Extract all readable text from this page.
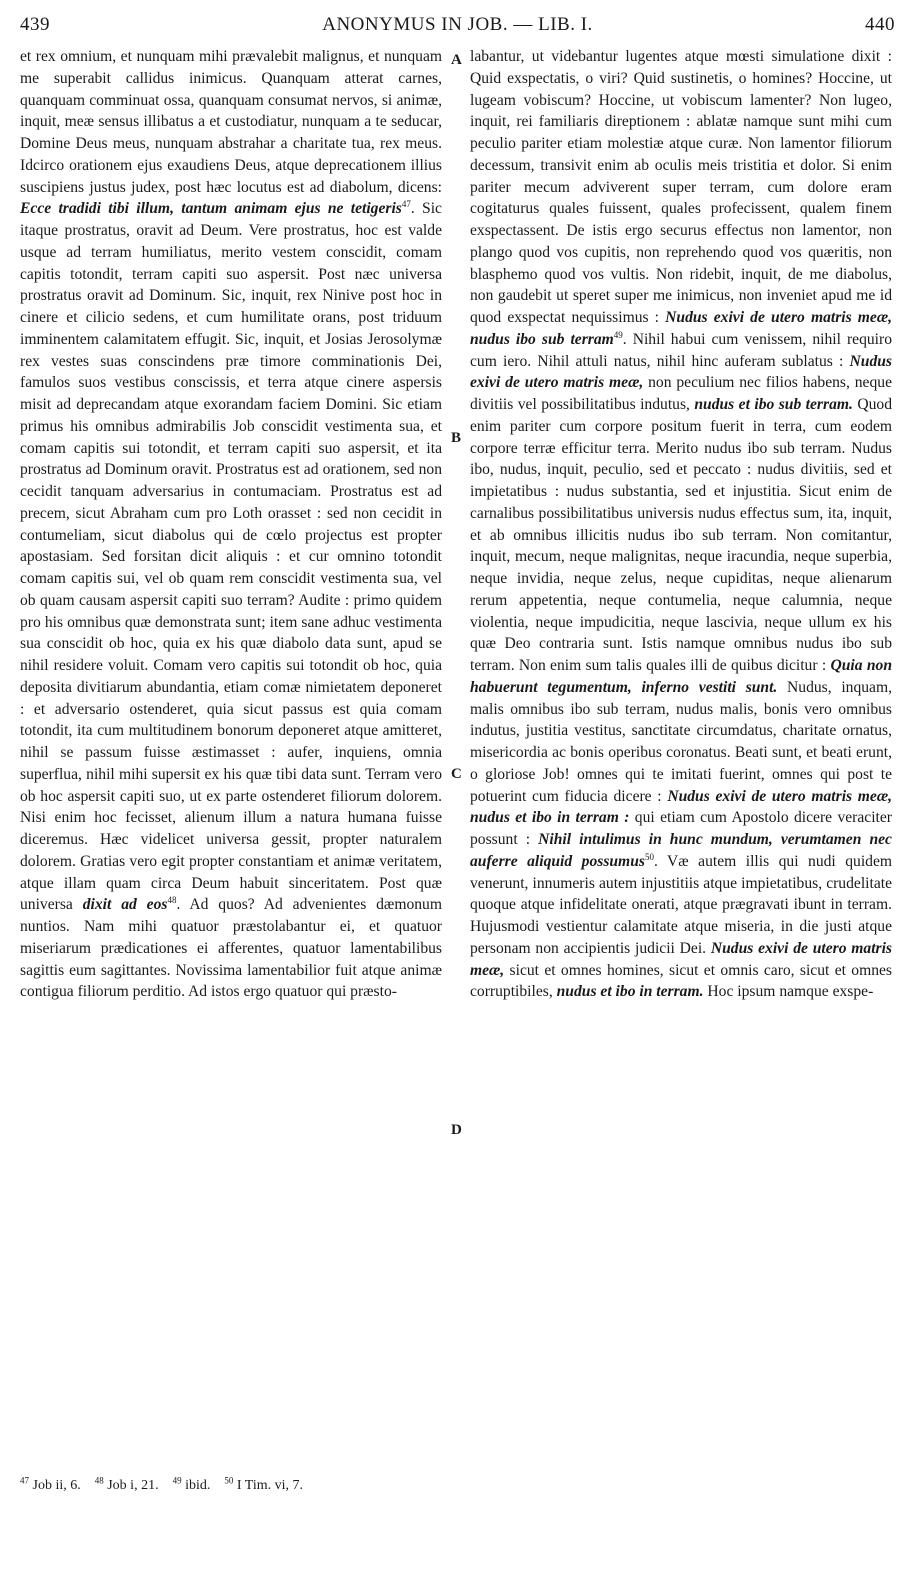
439	ANONYMUS IN JOB. — LIB. I.	440

et rex omnium, et nunquam mihi prævalebit malignus, et nunquam me superabit callidus inimicus. Quanquam atterat carnes, quanquam comminuat ossa, quanquam consumat nervos, si animæ, inquit, meæ sensus illibatus a et custodiatur, nunquam a te seducar, Domine Deus meus, nunquam abstrahar a charitate tua, rex meus. Idcirco orationem ejus exaudiens Deus, atque deprecationem illius suscipiens justus judex, post hæc locutus est ad diabolum, dicens: Ecce tradidi tibi illum, tantum animam ejus ne tetigeris$^{47}$. Sic itaque prostratus, oravit ad Deum. Vere prostratus, hoc est valde usque ad terram humiliatus, merito vestem conscidit, comam capitis totondit, terram capiti suo aspersit. Post næc universa prostratus oravit ad Dominum. Sic, inquit, rex Ninive post hoc in cinere et cilicio sedens, et cum humilitate orans, post triduum imminentem calamitatem effugit. Sic, inquit, et Josias Jerosolymæ rex vestes suas conscindens præ timore comminationis Dei, famulos suos vestibus conscissis, et terra atque cinere aspersis misit ad deprecandam atque exorandam faciem Domini. Sic etiam primus his omnibus admirabilis Job conscidit vestimenta sua, et comam capitis sui totondit, et terram capiti suo aspersit, et ita prostratus ad Dominum oravit. Prostratus est ad orationem, sed non cecidit tanquam adversarius in contumaciam. Prostratus est ad precem, sicut Abraham cum pro Loth orasset : sed non cecidit in contumeliam, sicut diabolus qui de cœlo projectus est propter apostasiam. Sed forsitan dicit aliquis : et cur omnino totondit comam capitis sui, vel ob quam rem conscidit vestimenta sua, vel ob quam causam aspersit capiti suo terram? Audite : primo quidem pro his omnibus quæ demonstrata sunt; item sane adhuc vestimenta sua conscidit ob hoc, quia ex his quæ diabolo data sunt, apud se nihil residere voluit. Comam vero capitis sui totondit ob hoc, quia deposita divitiarum abundantia, etiam comæ nimietatem deponeret : et adversario ostenderet, quia sicut passus est quia comam totondit, ita cum multitudinem bonorum deponeret atque amitteret, nihil se passum fuisse æstimasset : aufer, inquiens, omnia superflua, nihil mihi supersit ex his quæ tibi data sunt. Terram vero ob hoc aspersit capiti suo, ut ex parte ostenderet filiorum dolorem. Nisi enim hoc fecisset, alienum illum a natura humana fuisse diceremus. Hæc videlicet universa gessit, propter naturalem dolorem. Gratias vero egit propter constantiam et animæ veritatem, atque illam quam circa Deum habuit sinceritatem. Post quæ universa dixit ad eos$^{48}$. Ad quos? Ad advenientes dæmonum nuntios. Nam mihi quatuor præstolabantur ei, et quatuor miseriarum prædicationes ei afferentes, quatuor lamentabilibus sagittis eum sagittantes. Novissima lamentabilior fuit atque animæ contigua filiorum perditio. Ad istos ergo quatuor qui præsto-

labantur, ut videbantur lugentes atque mœsti simulatione dixit : Quid exspectatis, o viri? Quid sustinetis, o homines? Hoccine, ut lugeam vobiscum? Hoccine, ut vobiscum lamenter? Non lugeo, inquit, rei familiaris direptionem : ablatæ namque sunt mihi cum peculio pariter etiam molestiæ atque curæ. Non lamentor filiorum decessum, transivit enim ab oculis meis tristitia et dolor. Si enim pariter mecum adviverent super terram, cum dolore eram cogitaturus quales fuissent, quales profecissent, qualem finem exspectassent. De istis ergo securus effectus non lamentor, non plango quod vos cupitis, non reprehendo quod vos quæritis, non blasphemo quod vos vultis. Non ridebit, inquit, de me diabolus, non gaudebit ut speret super me inimicus, non inveniet apud me id quod exspectat nequissimus : Nudus exivi de utero matris meæ, nudus ibo sub terram$^{49}$. Nihil habui cum venissem, nihil requiro cum iero. Nihil attuli natus, nihil hinc auferam sublatus : Nudus exivi de utero matris meæ, non peculium nec filios habens, neque divitiis vel possibilitatibus indutus, nudus et ibo sub terram. Quod enim pariter cum corpore positum fuerit in terra, cum eodem corpore terræ efficitur terra. Merito nudus ibo sub terram. Nudus ibo, nudus, inquit, peculio, sed et peccato : nudus divitiis, sed et impietatibus : nudus substantia, sed et injustitia. Sicut enim de carnalibus possibilitatibus universis nudus effectus sum, ita, inquit, et ab omnibus illicitis nudus ibo sub terram. Non comitantur, inquit, mecum, neque malignitas, neque iracundia, neque superbia, neque invidia, neque zelus, neque cupiditas, neque alienarum rerum appetentia, neque contumelia, neque calumnia, neque violentia, neque impudicitia, neque lascivia, neque ullum ex his quæ Deo contraria sunt. Istis namque omnibus nudus ibo sub terram. Non enim sum talis quales illi de quibus dicitur : Quia non habuerunt tegumentum, inferno vestiti sunt. Nudus, inquam, malis omnibus ibo sub terram, nudus malis, bonis vero omnibus indutus, justitia vestitus, sanctitate circumdatus, charitate ornatus, misericordia ac bonis operibus coronatus. Beati sunt, et beati erunt, o gloriose Job! omnes qui te imitati fuerint, omnes qui post te potuerint cum fiducia dicere : Nudus exivi de utero matris meæ, nudus et ibo in terram : qui etiam cum Apostolo dicere veraciter possunt : Nihil intulimus in hunc mundum, verumtamen nec auferre aliquid possumus$^{50}$. Væ autem illis qui nudi quidem venerunt, innumeris autem injustitiis atque impietatibus, crudelitate quoque atque infidelitate onerati, atque prægravati ibunt in terram. Hujusmodi vestientur calamitate atque miseria, in die justi atque personam non accipientis judicii Dei. Nudus exivi de utero matris meæ, sicut et omnes homines, sicut et omnis caro, sicut et omnes corruptibiles, nudus et ibo in terram. Hoc ipsum namque exspe-

A
B
C
D
$^{47}$ Job ii, 6. $^{48}$ Job i, 21. $^{49}$ ibid. $^{50}$ I Tim. vi, 7.
